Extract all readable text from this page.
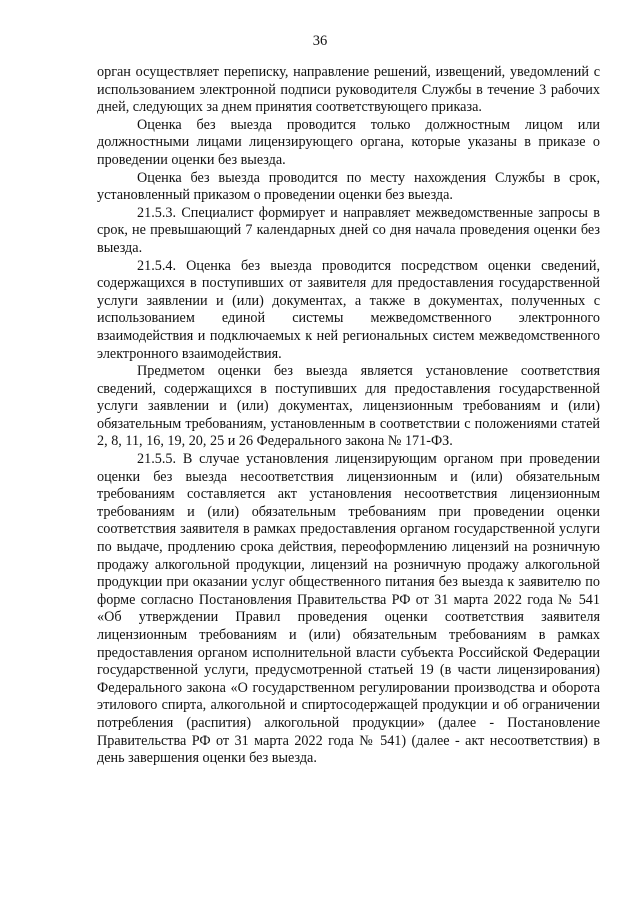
36

орган осуществляет переписку, направление решений, извещений, уведомлений с использованием электронной подписи руководителя Службы в течение 3 рабочих дней, следующих за днем принятия соответствующего приказа.

Оценка без выезда проводится только должностным лицом или должностными лицами лицензирующего органа, которые указаны в приказе о проведении оценки без выезда.

Оценка без выезда проводится по месту нахождения Службы в срок, установленный приказом о проведении оценки без выезда.

21.5.3. Специалист формирует и направляет межведомственные запросы в срок, не превышающий 7 календарных дней со дня начала проведения оценки без выезда.

21.5.4. Оценка без выезда проводится посредством оценки сведений, содержащихся в поступивших от заявителя для предоставления государственной услуги заявлении и (или) документах, а также в документах, полученных с использованием единой системы межведомственного электронного взаимодействия и подключаемых к ней региональных систем межведомственного электронного взаимодействия.

Предметом оценки без выезда является установление соответствия сведений, содержащихся в поступивших для предоставления государственной услуги заявлении и (или) документах, лицензионным требованиям и (или) обязательным требованиям, установленным в соответствии с положениями статей 2, 8, 11, 16, 19, 20, 25 и 26 Федерального закона № 171-ФЗ.

21.5.5. В случае установления лицензирующим органом при проведении оценки без выезда несоответствия лицензионным и (или) обязательным требованиям составляется акт установления несоответствия лицензионным требованиям и (или) обязательным требованиям при проведении оценки соответствия заявителя в рамках предоставления органом государственной услуги по выдаче, продлению срока действия, переоформлению лицензий на розничную продажу алкогольной продукции, лицензий на розничную продажу алкогольной продукции при оказании услуг общественного питания без выезда к заявителю по форме согласно Постановления Правительства РФ от 31 марта 2022 года № 541 «Об утверждении Правил проведения оценки соответствия заявителя лицензионным требованиям и (или) обязательным требованиям в рамках предоставления органом исполнительной власти субъекта Российской Федерации государственной услуги, предусмотренной статьей 19 (в части лицензирования) Федерального закона «О государственном регулировании производства и оборота этилового спирта, алкогольной и спиртосодержащей продукции и об ограничении потребления (распития) алкогольной продукции» (далее - Постановление Правительства РФ от 31 марта 2022 года № 541) (далее - акт несоответствия) в день завершения оценки без выезда.
